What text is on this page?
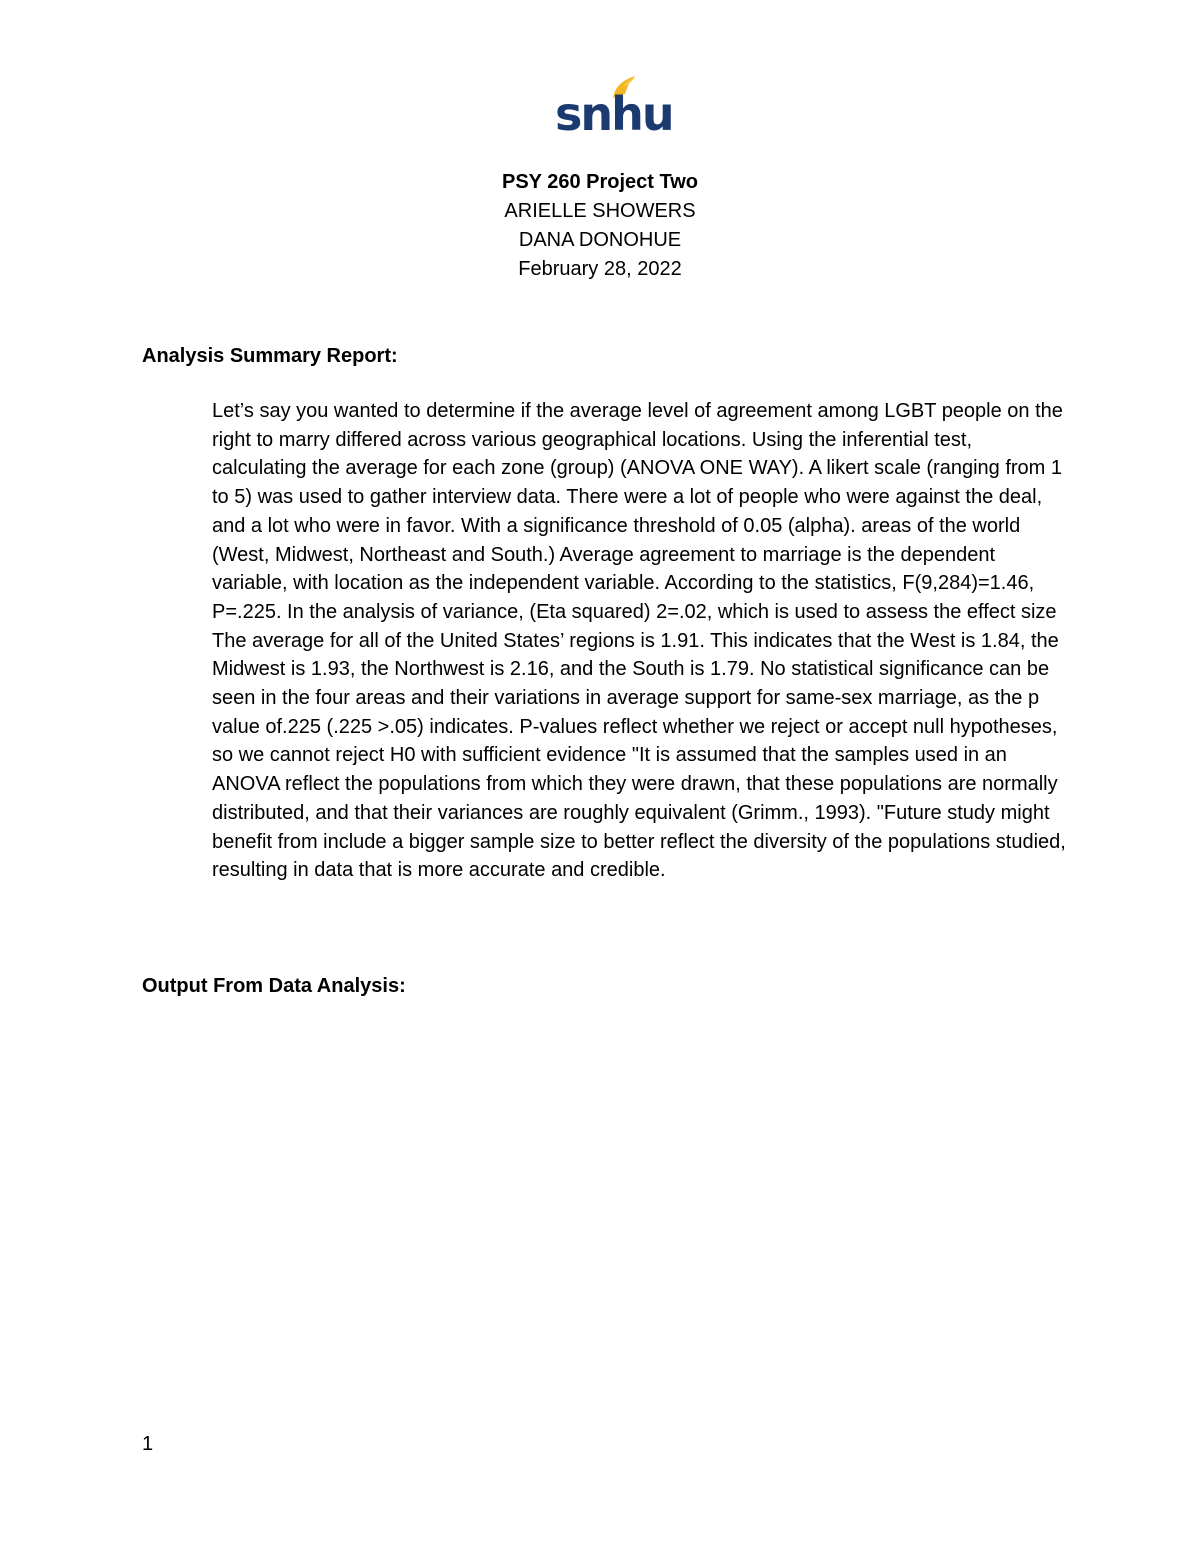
snhu
PSY 260 Project Two
ARIELLE SHOWERS
DANA DONOHUE
February 28, 2022
Analysis Summary Report:

Let’s say you wanted to determine if the average level of agreement among LGBT people on the right to marry differed across various geographical locations. Using the inferential test, calculating the average for each zone (group) (ANOVA ONE WAY). A likert scale (ranging from 1 to 5) was used to gather interview data. There were a lot of people who were against the deal, and a lot who were in favor. With a significance threshold of 0.05 (alpha). areas of the world (West, Midwest, Northeast and South.) Average agreement to marriage is the dependent variable, with location as the independent variable. According to the statistics, F(9,284)=1.46, P=.225. In the analysis of variance, (Eta squared) 2=.02, which is used to assess the effect size The average for all of the United States’ regions is 1.91. This indicates that the West is 1.84, the Midwest is 1.93, the Northwest is 2.16, and the South is 1.79. No statistical significance can be seen in the four areas and their variations in average support for same-sex marriage, as the p value of.225 (.225 >.05) indicates. P-values reflect whether we reject or accept null hypotheses, so we cannot reject H0 with sufficient evidence "It is assumed that the samples used in an ANOVA reflect the populations from which they were drawn, that these populations are normally distributed, and that their variances are roughly equivalent (Grimm., 1993). "Future study might benefit from include a bigger sample size to better reflect the diversity of the populations studied, resulting in data that is more accurate and credible.

Output From Data Analysis:
1
